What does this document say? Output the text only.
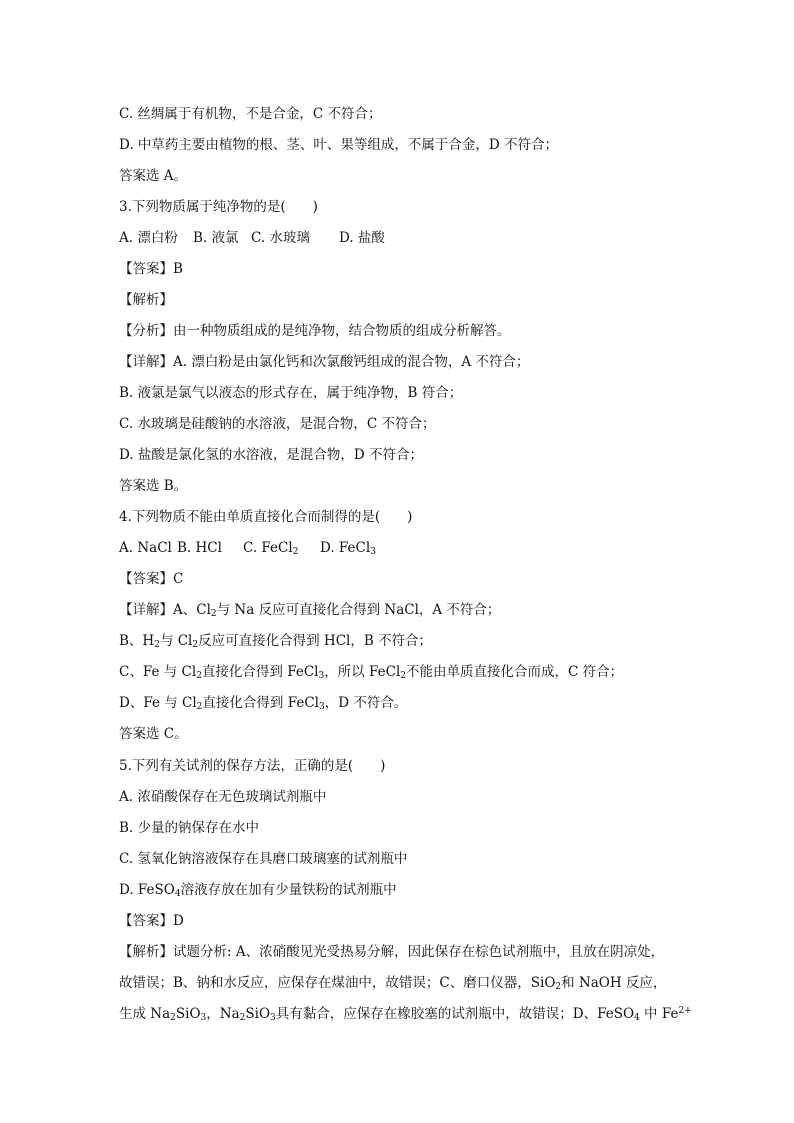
C. 丝绸属于有机物，不是合金，C 不符合；
D. 中草药主要由植物的根、茎、叶、果等组成，不属于合金，D 不符合；
答案选 A。
3.下列物质属于纯净物的是(　　)
A. 漂白粉 B. 液氯 C. 水玻璃 D. 盐酸
【答案】B
【解析】
【分析】由一种物质组成的是纯净物，结合物质的组成分析解答。
【详解】A. 漂白粉是由氯化钙和次氯酸钙组成的混合物，A 不符合；
B. 液氯是氯气以液态的形式存在，属于纯净物，B 符合；
C. 水玻璃是硅酸钠的水溶液，是混合物，C 不符合；
D. 盐酸是氯化氢的水溶液，是混合物，D 不符合；
答案选 B。
4.下列物质不能由单质直接化合而制得的是(　　)
A. NaCl B. HCl C. FeCl$_2$ D. FeCl$_3$
【答案】C
【详解】A、$Cl_2$与 Na 反应可直接化合得到 NaCl，A 不符合；
B、$H_2$与 $Cl_2$反应可直接化合得到 HCl，B 不符合；
C、Fe 与 $Cl_2$直接化合得到 FeCl$_3$，所以 FeCl$_2$不能由单质直接化合而成，C 符合；
D、Fe 与 $Cl_2$直接化合得到 FeCl$_3$，D 不符合。
答案选 C。
5.下列有关试剂的保存方法，正确的是(　　)
A. 浓硝酸保存在无色玻璃试剂瓶中
B. 少量的钠保存在水中
C. 氢氧化钠溶液保存在具磨口玻璃塞的试剂瓶中
D. FeSO$_4$溶液存放在加有少量铁粉的试剂瓶中
【答案】D
【解析】试题分析: A、浓硝酸见光受热易分解，因此保存在棕色试剂瓶中，且放在阴凉处，
故错误；B、钠和水反应，应保存在煤油中，故错误；C、磨口仪器，SiO$_2$和 NaOH 反应，
生成 $Na_2SiO_3$，$Na_2SiO_3$具有黏合，应保存在橡胶塞的试剂瓶中，故错误；D、FeSO$_4$ 中 $Fe^{2+}$
